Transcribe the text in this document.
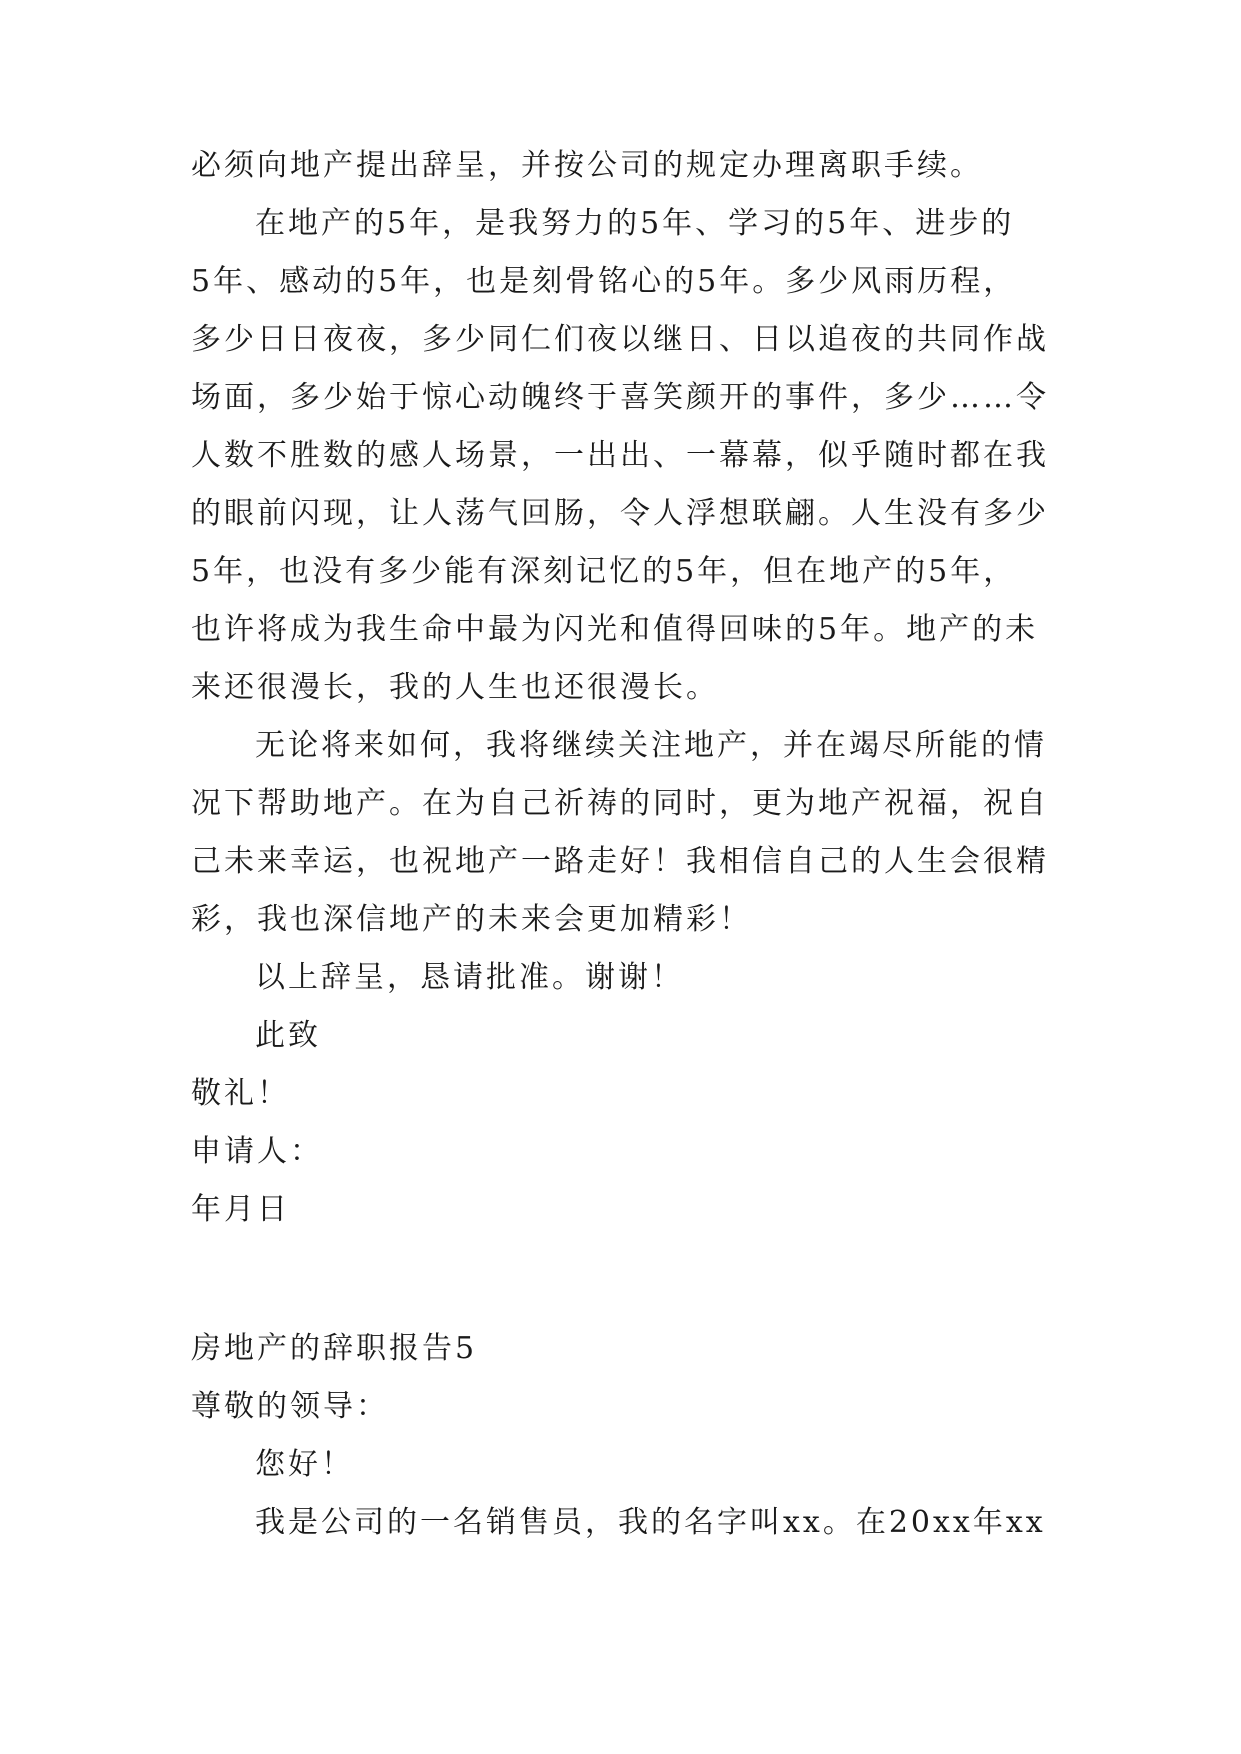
必须向地产提出辞呈，并按公司的规定办理离职手续。
在地产的5年，是我努力的5年、学习的5年、进步的
5年、感动的5年，也是刻骨铭心的5年。多少风雨历程，
多少日日夜夜，多少同仁们夜以继日、日以追夜的共同作战
场面，多少始于惊心动魄终于喜笑颜开的事件，多少……令
人数不胜数的感人场景，一出出、一幕幕，似乎随时都在我
的眼前闪现，让人荡气回肠，令人浮想联翩。人生没有多少
5年，也没有多少能有深刻记忆的5年，但在地产的5年，
也许将成为我生命中最为闪光和值得回味的5年。地产的未
来还很漫长，我的人生也还很漫长。
无论将来如何，我将继续关注地产，并在竭尽所能的情
况下帮助地产。在为自己祈祷的同时，更为地产祝福，祝自
己未来幸运，也祝地产一路走好！我相信自己的人生会很精
彩，我也深信地产的未来会更加精彩！
以上辞呈，恳请批准。谢谢！
此致
敬礼！
申请人：
年月日
房地产的辞职报告5
尊敬的领导：
您好！
我是公司的一名销售员，我的名字叫xx。在20xx年xx
